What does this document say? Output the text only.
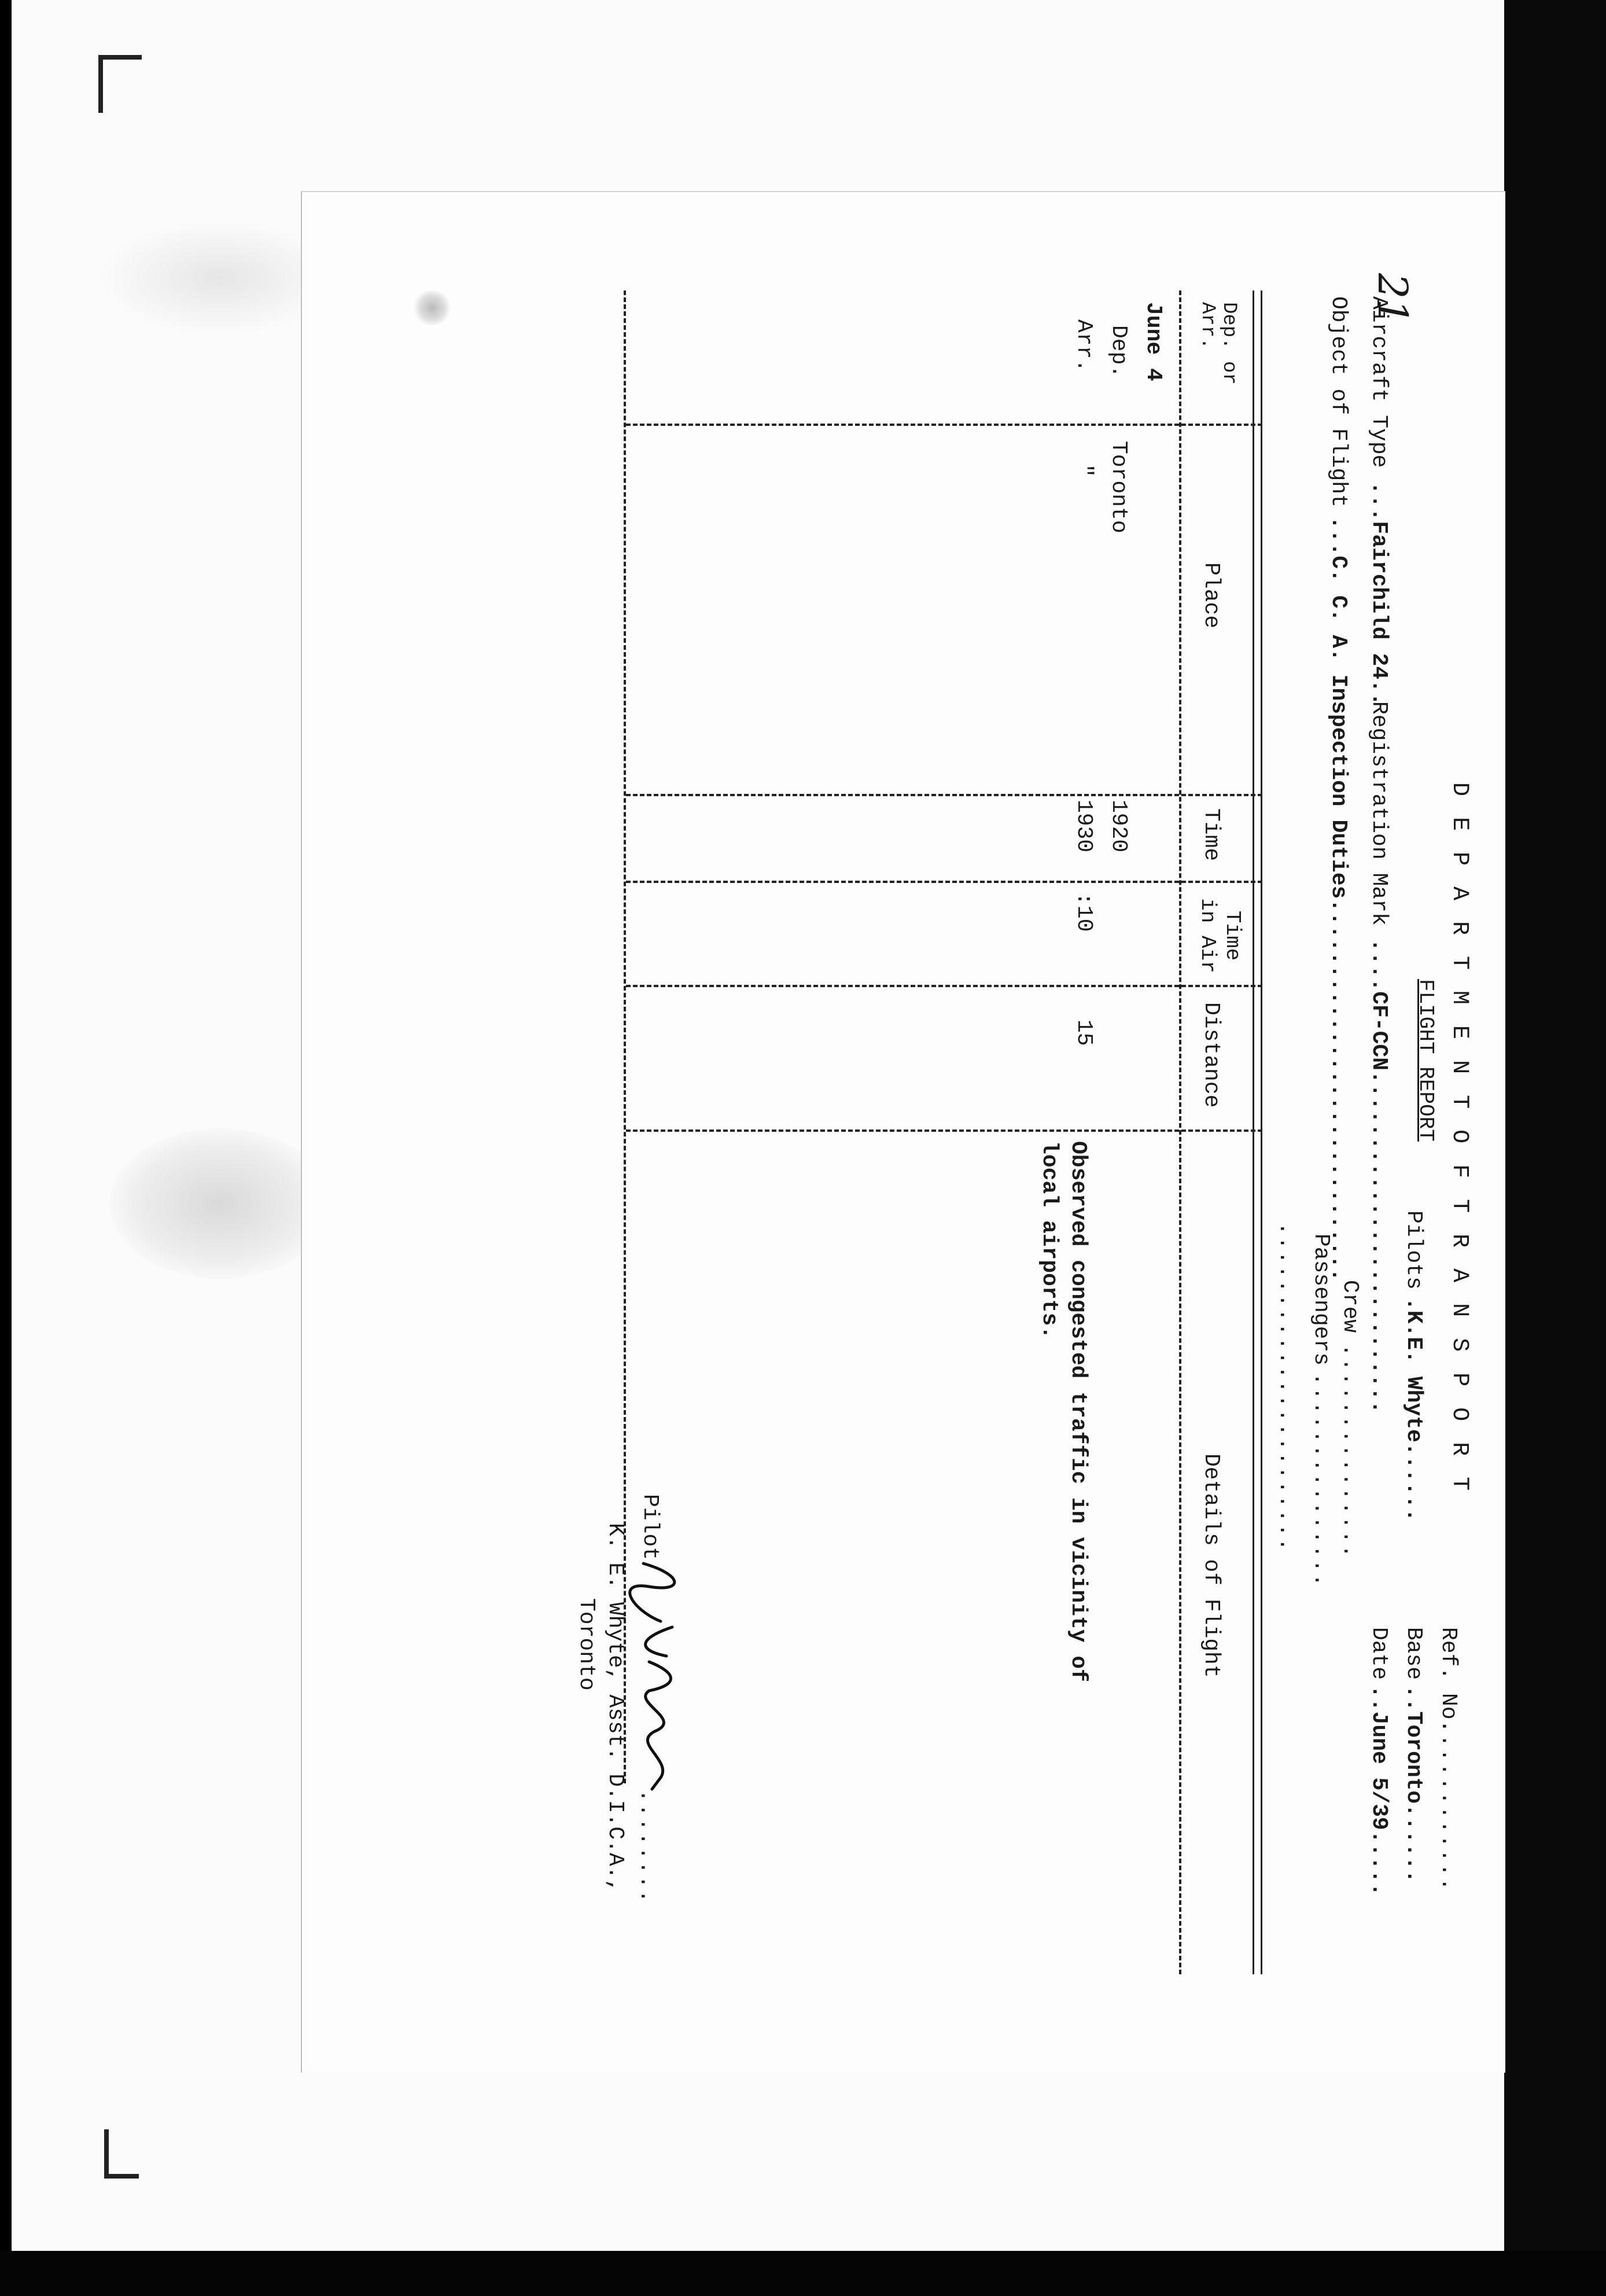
D E P A R T M E N T O F T R A N S P O R T
FLIGHT REPORT
21
Ref. No.
............
Base
..Toronto......
Date
..June 5/39.....
Pilots
.K.E. Whyte......
Crew
...............
Passengers
...............
.......................
Aircraft Type
...Fairchild 24..
Registration Mark
....CF-CCN..........................
Object of Flight
...C. C. A. Inspection Duties.............................
Dep. or Arr.
Place
Time
Time in Air
Distance
Details of Flight
June 4
Dep.
Toronto
1920
Arr.
"
1930
:10
15
Observed congested traffic in vicinity of
local airports.
Pilot
........
K. E. Whyte, Asst. D.I.C.A.,
Toronto
